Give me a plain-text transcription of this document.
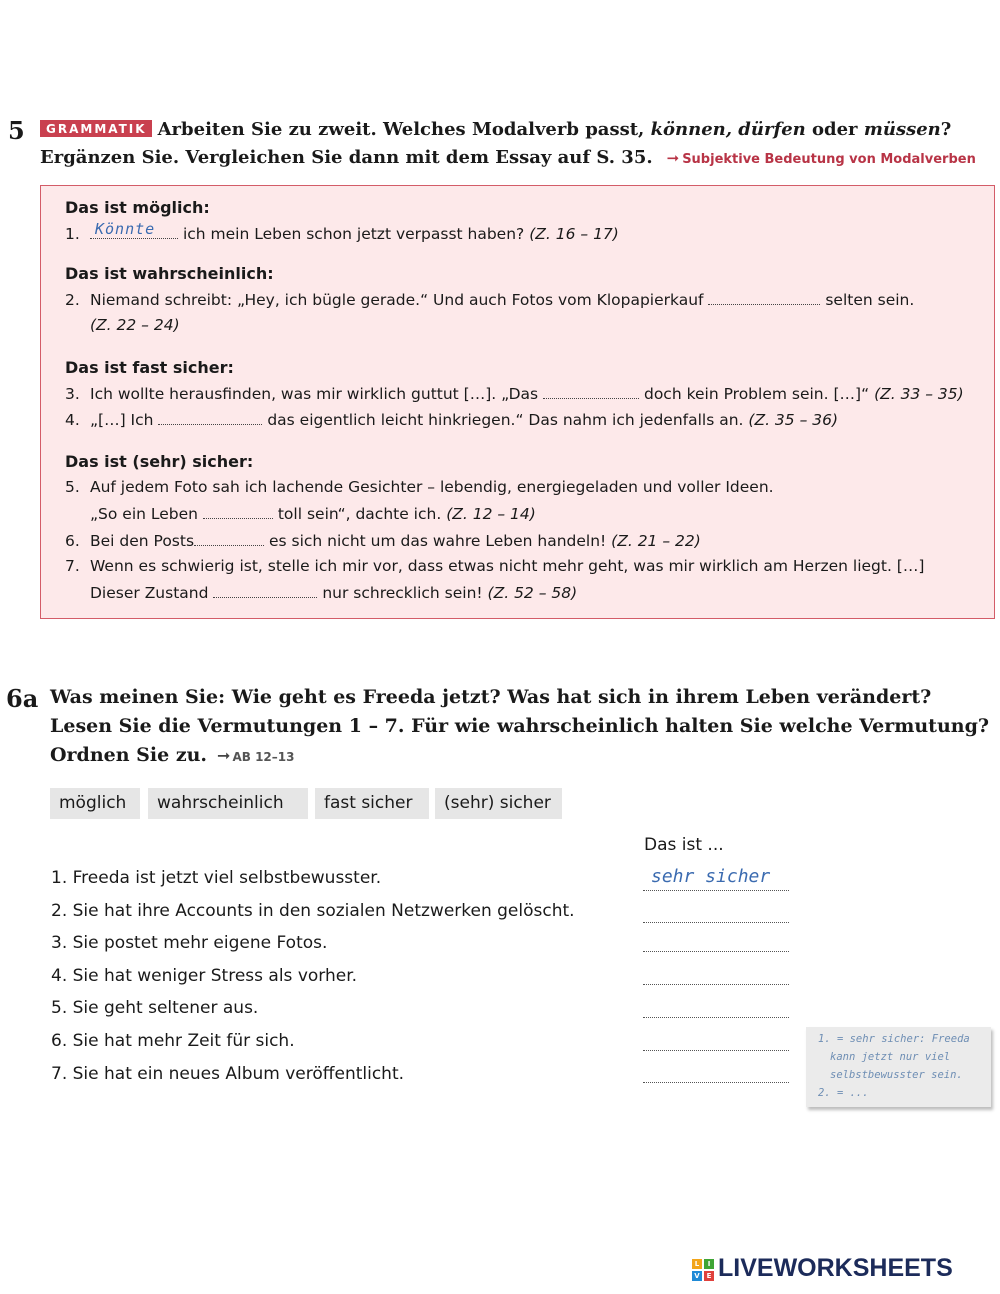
5	GRAMMATIK Arbeiten Sie zu zweit. Welches Modalverb passt, können, dürfen oder müssen?
Ergänzen Sie. Vergleichen Sie dann mit dem Essay auf S. 35. ➞ Subjektive Bedeutung von Modalverben
Das ist möglich:
1. Könnte ich mein Leben schon jetzt verpasst haben? (Z. 16 – 17)
Das ist wahrscheinlich:
2. Niemand schreibt: „Hey, ich bügle gerade.“ Und auch Fotos vom Klopapierkauf	selten sein.
(Z. 22 – 24)
Das ist fast sicher:
3. Ich wollte herausfinden, was mir wirklich guttut […]. „Das	doch kein Problem sein. […]“ (Z. 33 – 35)
4. „[…] Ich	das eigentlich leicht hinkriegen.“ Das nahm ich jedenfalls an. (Z. 35 – 36)
Das ist (sehr) sicher:
5. Auf jedem Foto sah ich lachende Gesichter – lebendig, energiegeladen und voller Ideen.
„So ein Leben	toll sein“, dachte ich. (Z. 12 – 14)
6. Bei den Posts	es sich nicht um das wahre Leben handeln! (Z. 21 – 22)
7. Wenn es schwierig ist, stelle ich mir vor, dass etwas nicht mehr geht, was mir wirklich am Herzen liegt. […]
Dieser Zustand	nur schrecklich sein! (Z. 52 – 58)
6a Was meinen Sie: Wie geht es Freeda jetzt? Was hat sich in ihrem Leben verändert?
Lesen Sie die Vermutungen 1 – 7. Für wie wahrscheinlich halten Sie welche Vermutung?
Ordnen Sie zu. ➞ AB 12–13
möglich	wahrscheinlich	fast sicher	(sehr) sicher
Das ist ...
1. Freeda ist jetzt viel selbstbewusster.	sehr sicher
2. Sie hat ihre Accounts in den sozialen Netzwerken gelöscht.
3. Sie postet mehr eigene Fotos.
4. Sie hat weniger Stress als vorher.
5. Sie geht seltener aus.
6. Sie hat mehr Zeit für sich.
7. Sie hat ein neues Album veröffentlicht.
1. = sehr sicher: Freeda
kann jetzt nur viel
selbstbewusster sein.
2. = ...
L	I
V E LIVEWORKSHEETS
